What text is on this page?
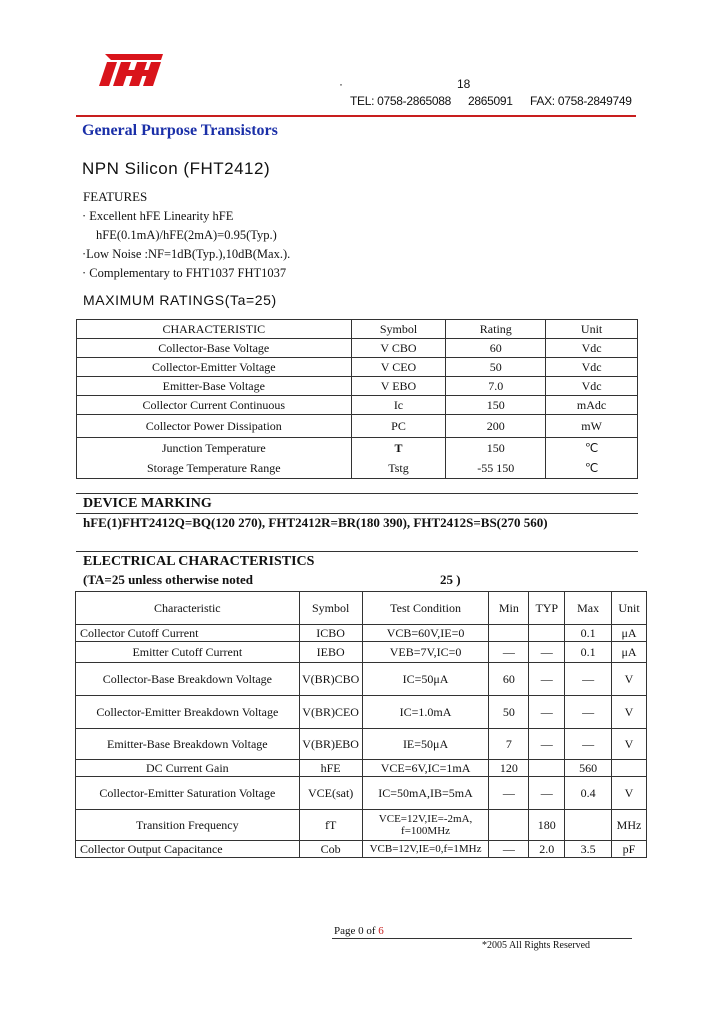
·	18
TEL: 0758-2865088 2865091 FAX: 0758-2849749
General Purpose Transistors
NPN Silicon (FHT2412)
FEATURES
· Excellent hFE Linearity hFE
hFE(0.1mA)/hFE(2mA)=0.95(Typ.)
·Low Noise :NF=1dB(Typ.),10dB(Max.).
· Complementary to FHT1037 FHT1037
MAXIMUM RATINGS(Ta=25)
CHARACTERISTIC	Symbol	Rating	Unit
Collector-Base Voltage	V CBO	60	Vdc
Collector-Emitter Voltage	V CEO	50	Vdc
Emitter-Base Voltage	V EBO	7.0	Vdc
Collector Current Continuous	Ic	150	mAdc
Collector Power Dissipation	PC	200	mW
Junction Temperature	T	150	℃
Storage Temperature Range	Tstg	-55 150	℃
DEVICE MARKING
hFE(1)FHT2412Q=BQ(120 270), FHT2412R=BR(180 390), FHT2412S=BS(270 560)
ELECTRICAL CHARACTERISTICS
(TA=25 unless otherwise noted	25 )
Characteristic	Symbol	Test Condition	Min	TYP	Max	Unit
Collector Cutoff Current	ICBO	VCB=60V,IE=0			0.1	μA
Emitter Cutoff Current	IEBO	VEB=7V,IC=0	—	—	0.1	μA
Collector-Base Breakdown Voltage	V(BR)CBO	IC=50μA	60	—	—	V
Collector-Emitter Breakdown Voltage	V(BR)CEO	IC=1.0mA	50	—	—	V
Emitter-Base Breakdown Voltage	V(BR)EBO	IE=50μA	7	—	—	V
DC Current Gain	hFE	VCE=6V,IC=1mA	120		560	
Collector-Emitter Saturation Voltage	VCE(sat)	IC=50mA,IB=5mA	—	—	0.4	V
Transition Frequency	fT	VCE=12V,IE=-2mA, f=100MHz		180		MHz
Collector Output Capacitance	Cob	VCB=12V,IE=0,f=1MHz	—	2.0	3.5	pF
Page 0 of 6
*2005 All Rights Reserved
